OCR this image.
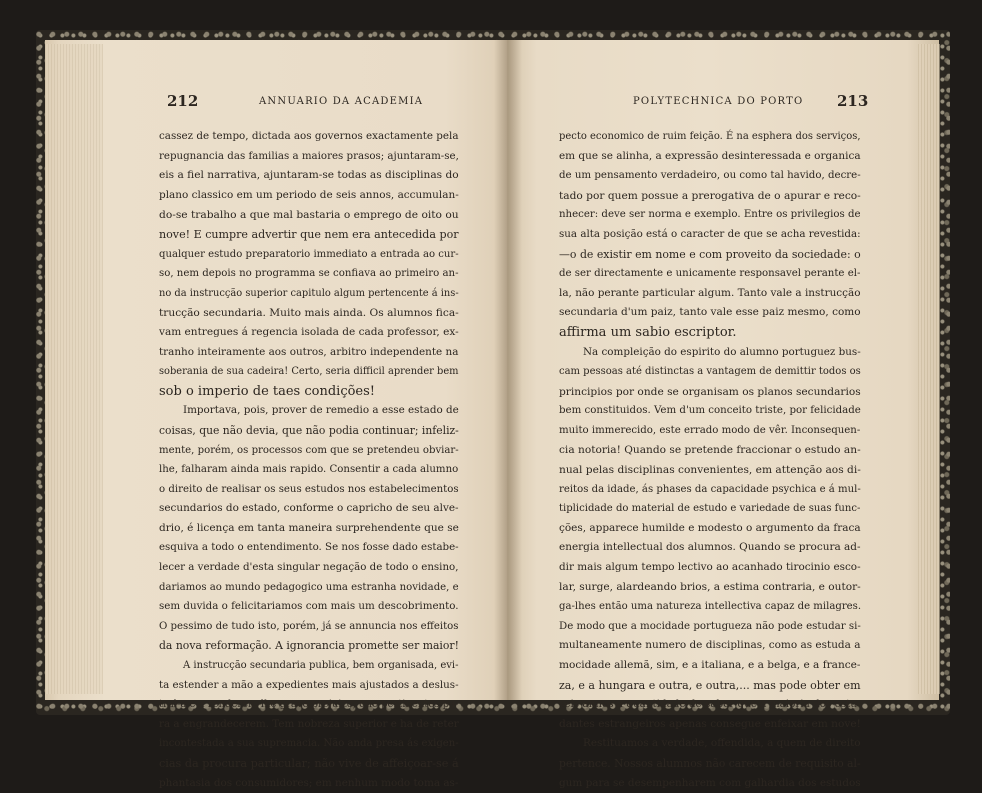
212	ANNUARIO DA ACADEMIA
cassez de tempo, dictada aos governos exactamente pela
repugnancia das familias a maiores prasos; ajuntaram-se,
eis a fiel narrativa, ajuntaram-se todas as disciplinas do
plano classico em um periodo de seis annos, accumulan-
do-se trabalho a que mal bastaria o emprego de oito ou
nove! E cumpre advertir que nem era antecedida por
qualquer estudo preparatorio immediato a entrada ao cur-
so, nem depois no programma se confiava ao primeiro an-
no da instrucção superior capitulo algum pertencente á ins-
trucção secundaria. Muito mais ainda. Os alumnos fica-
vam entregues á regencia isolada de cada professor, ex-
tranho inteiramente aos outros, arbitro independente na
soberania de sua cadeira! Certo, seria difficil aprender bem
sob o imperio de taes condições!
Importava, pois, prover de remedio a esse estado de
coisas, que não devia, que não podia continuar; infeliz-
mente, porém, os processos com que se pretendeu obviar-
lhe, falharam ainda mais rapido. Consentir a cada alumno
o direito de realisar os seus estudos nos estabelecimentos
secundarios do estado, conforme o capricho de seu alve-
drio, é licença em tanta maneira surprehendente que se
esquiva a todo o entendimento. Se nos fosse dado estabe-
lecer a verdade d'esta singular negação de todo o ensino,
dariamos ao mundo pedagogico uma estranha novidade, e
sem duvida o felicitariamos com mais um descobrimento.
O pessimo de tudo isto, porém, já se annuncia nos effeitos
da nova reformação. A ignorancia promette ser maior!
A instrucção secundaria publica, bem organisada, evi-
ta estender a mão a expedientes mais ajustados a deslus-
tral-a e a renderem-lhe grave prejuizo, que pertinentes pa-
ra a engrandecerem. Tem nobreza superior e ha de reter
incontestada a sua supremacia. Não anda presa ás exigen-
cias da procura particular; não vive de affeiçoar-se á
phantasia dos consumidores; em nenhum modo toma as-
POLYTECHNICA DO PORTO 213
pecto economico de ruim feição. É na esphera dos serviços,
em que se alinha, a expressão desinteressada e organica
de um pensamento verdadeiro, ou como tal havido, decre-
tado por quem possue a prerogativa de o apurar e reco-
nhecer: deve ser norma e exemplo. Entre os privilegios de
sua alta posição está o caracter de que se acha revestida:
—o de existir em nome e com proveito da sociedade: o
de ser directamente e unicamente responsavel perante el-
la, não perante particular algum. Tanto vale a instrucção
secundaria d'um paiz, tanto vale esse paiz mesmo, como
affirma um sabio escriptor.
Na compleição do espirito do alumno portuguez bus-
cam pessoas até distinctas a vantagem de demittir todos os
principios por onde se organisam os planos secundarios
bem constituidos. Vem d'um conceito triste, por felicidade
muito immerecido, este errado modo de vêr. Inconsequen-
cia notoria! Quando se pretende fraccionar o estudo an-
nual pelas disciplinas convenientes, em attenção aos di-
reitos da idade, ás phases da capacidade psychica e á mul-
tiplicidade do material de estudo e variedade de suas func-
ções, apparece humilde e modesto o argumento da fraca
energia intellectual dos alumnos. Quando se procura ad-
dir mais algum tempo lectivo ao acanhado tirocinio esco-
lar, surge, alardeando brios, a estima contraria, e outor-
ga-lhes então uma natureza intellectiva capaz de milagres.
De modo que a mocidade portugueza não pode estudar si-
multaneamente numero de disciplinas, como as estuda a
mocidade allemã, sim, e a italiana, e a belga, e a france-
za, e a hungara e outra, e outra,... mas pode obter em
seis annos a quantidade de saber que a maioria dos estu-
dantes estrangeiros apenas consegue enfeixar em nove!
Restituamos a verdade, offendida, a quem de direito
pertence. Nossos alumnos não carecem de requisito al-
gum para se desempenharem com galhardia dos estudos
